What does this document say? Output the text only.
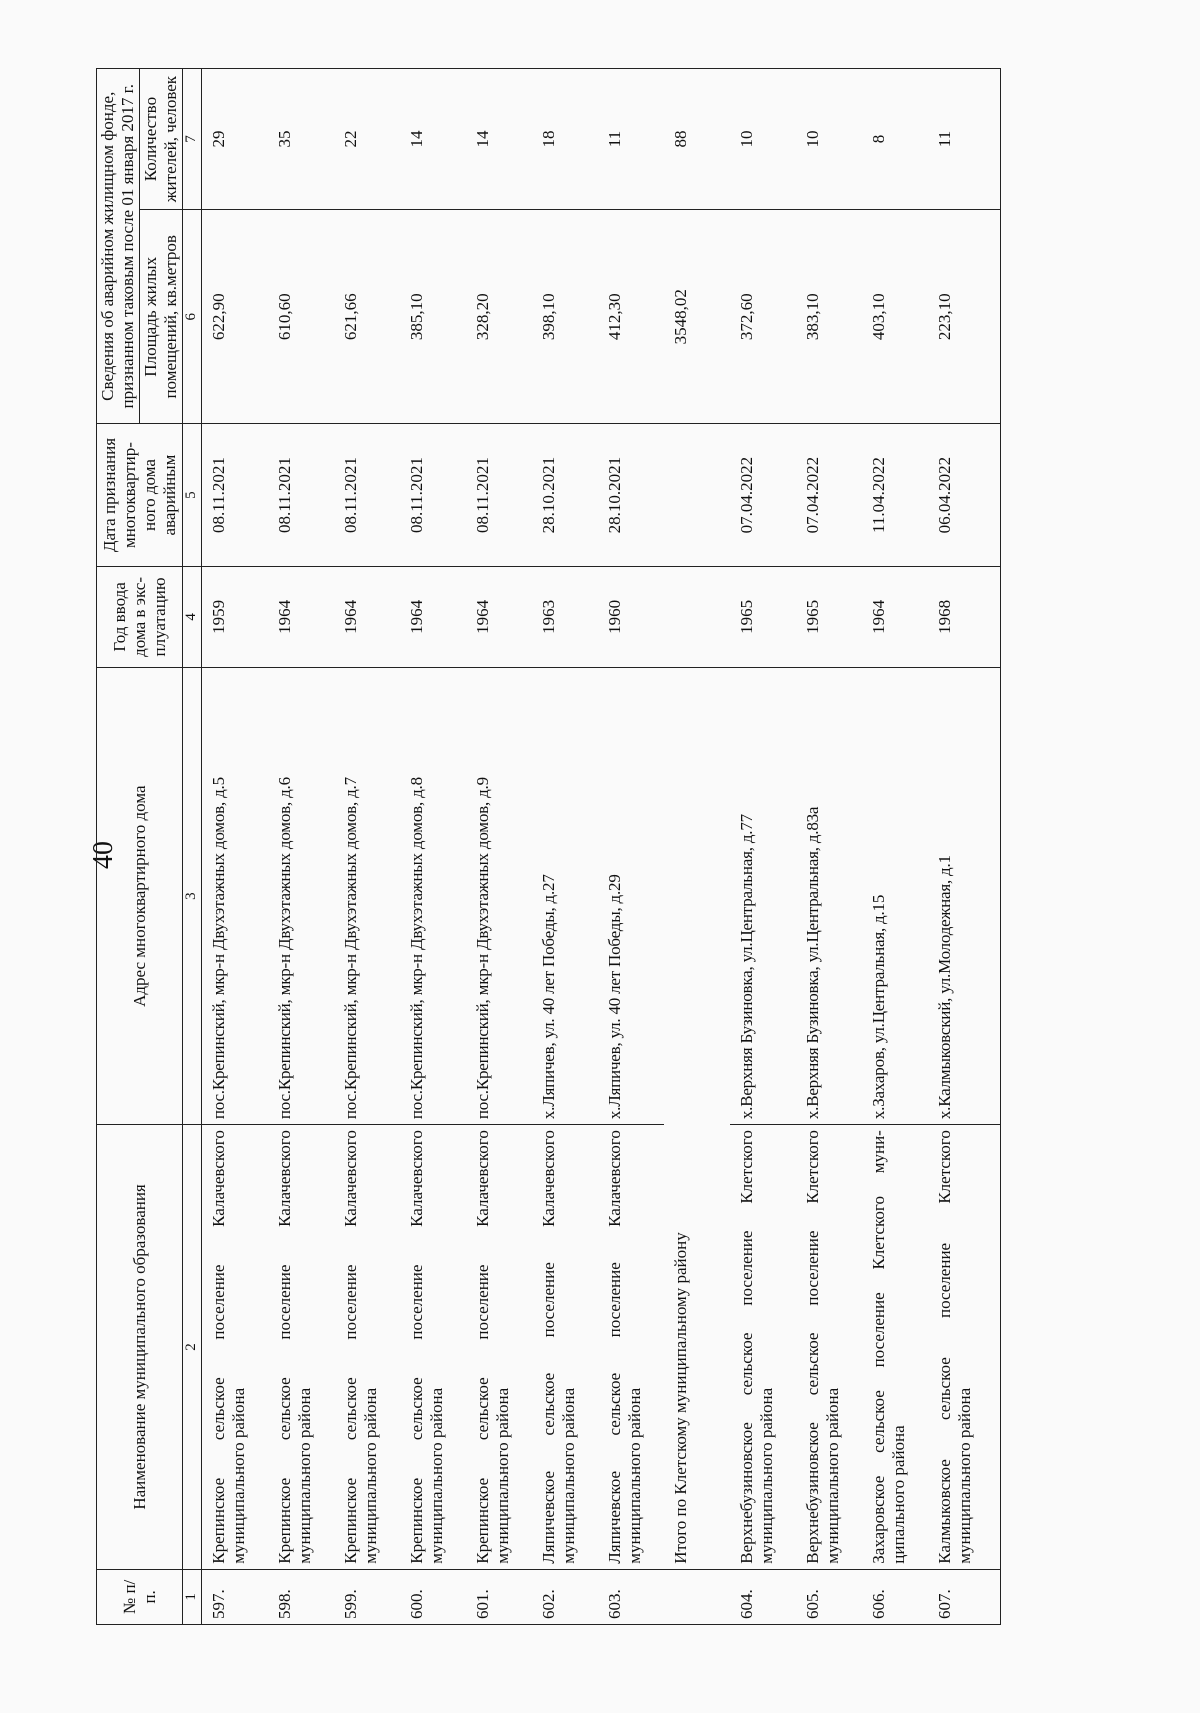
40
№ п/п.	Наименование муниципального образования	Адрес многоквартирного дома	Год ввода дома в экс-плуатацию	Дата признания многоквартир-ного дома аварийным	Сведения об аварийном жилищном фонде, признанном таковым после 01 января 2017 г.	
					Площадь жилых помещений, кв.метров	Количество жителей, человек
1	2	3	4	5	6	7
597.	Крепинское сельское поселение Калачевского муниципального района	пос.Крепинский, мкр-н Двухэтажных домов, д.5	1959	08.11.2021	622,90	29
598.	Крепинское сельское поселение Калачевского муниципального района	пос.Крепинский, мкр-н Двухэтажных домов, д.6	1964	08.11.2021	610,60	35
599.	Крепинское сельское поселение Калачевского муниципального района	пос.Крепинский, мкр-н Двухэтажных домов, д.7	1964	08.11.2021	621,66	22
600.	Крепинское сельское поселение Калачевского муниципального района	пос.Крепинский, мкр-н Двухэтажных домов, д.8	1964	08.11.2021	385,10	14
601.	Крепинское сельское поселение Калачевского муниципального района	пос.Крепинский, мкр-н Двухэтажных домов, д.9	1964	08.11.2021	328,20	14
602.	Ляпичевское сельское поселение Калачевского муниципального района	х.Ляпичев, ул. 40 лет Победы, д.27	1963	28.10.2021	398,10	18
603.	Ляпичевское сельское поселение Калачевского муниципального района	х.Ляпичев, ул. 40 лет Победы, д.29	1960	28.10.2021	412,30	11
	Итого по Клетскому муниципальному району				3548,02	88
604.	Верхнебузиновское сельское поселение Клетского муниципального района	х.Верхняя Бузиновка, ул.Центральная, д.77	1965	07.04.2022	372,60	10
605.	Верхнебузиновское сельское поселение Клетского муниципального района	х.Верхняя Бузиновка, ул.Центральная, д.83а	1965	07.04.2022	383,10	10
606.	Захаровское сельское поселение Клетского муни-ципального района	х.Захаров, ул.Центральная, д.15	1964	11.04.2022	403,10	8
607.	Калмыковское сельское поселение Клетского муниципального района	х.Калмыковский, ул.Молодежная, д.1	1968	06.04.2022	223,10	11
